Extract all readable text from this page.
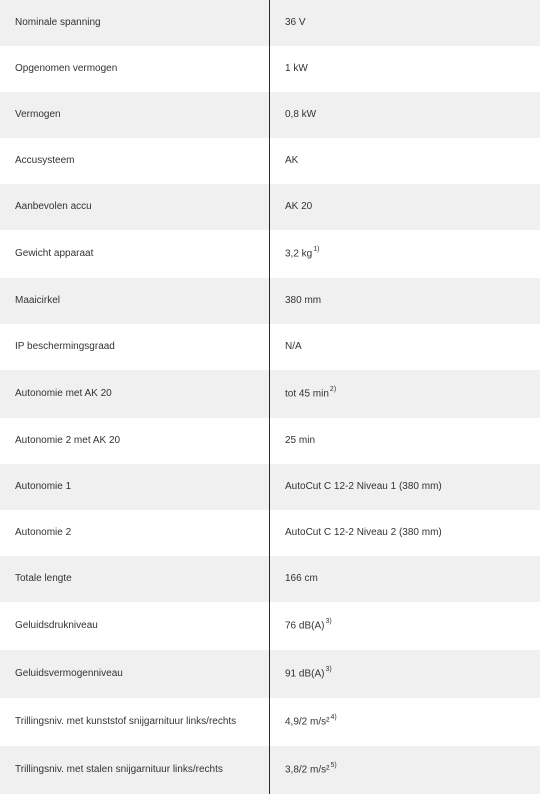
Nominale spanning	36 V
Opgenomen vermogen	1 kW
Vermogen	0,8 kW
Accusysteem	AK
Aanbevolen accu	AK 20
Gewicht apparaat	3,2 $kg^{1)}$
Maaicirkel	380 mm
IP beschermingsgraad	N/A
Autonomie met AK 20	tot 45 $\min^{2)}$
Autonomie 2 met AK 20	25 min
Autonomie 1	AutoCut C 12-2 Niveau 1 (380 mm)
Autonomie 2	AutoCut C 12-2 Niveau 2 (380 mm)
Totale lengte	166 cm
Geluidsdrukniveau	76 $dB(A)^{3)}$
Geluidsvermogenniveau	91 $dB(A)^{3)}$
Trillingsniv. met kunststof snijgarnituur links/rechts	4,9/2 m/s²$^{4)}$
Trillingsniv. met stalen snijgarnituur links/rechts	3,8/2 m/s²$^{5)}$
